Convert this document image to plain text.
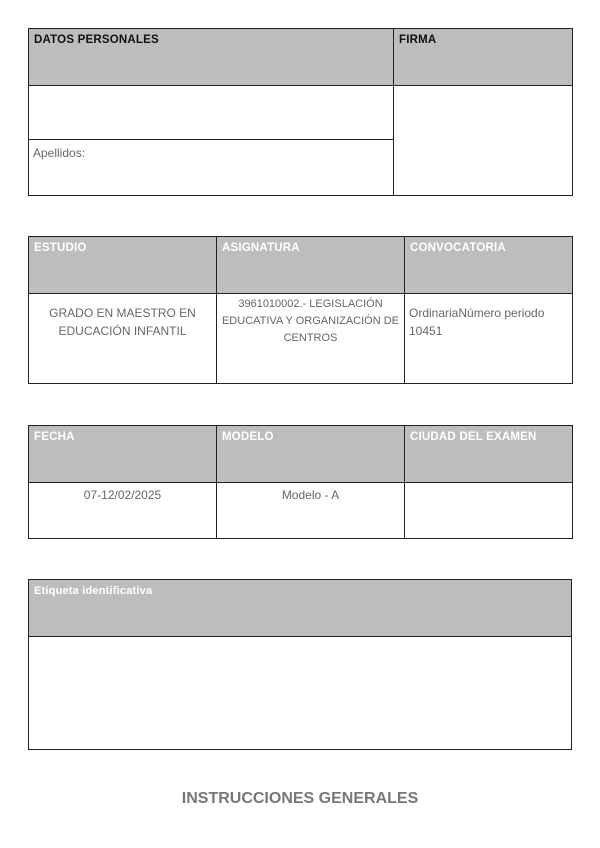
DATOS PERSONALES	FIRMA

Apellidos:	
ESTUDIO	ASIGNATURA	CONVOCATORIA
GRADO EN MAESTRO EN EDUCACIÓN INFANTIL	3961010002.- LEGISLACIÓN EDUCATIVA Y ORGANIZACIÓN DE CENTROS	OrdinariaNúmero periodo 10451
FECHA	MODELO	CIUDAD DEL EXAMEN
07-12/02/2025	Modelo - A	
Etiqueta identificativa

INSTRUCCIONES GENERALES
